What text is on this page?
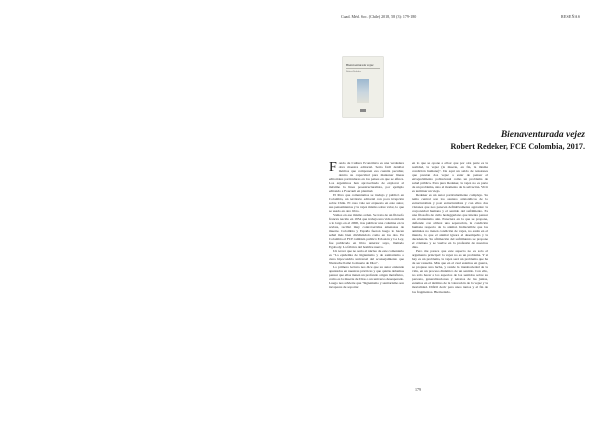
Cuad. Méd. Soc. (Chile) 2018, 58 (3): 179-180	RESEÑAS
Bienaventurada vejez
Robert Redeker
Bienaventurada vejez
Robert Redeker, FCE Colombia, 2017.

Fondo de Cultura Económica es una verdadera obra maestra editorial. Sería fácil detallar méritos que componen esa cuantía peculiar, dentro su capacidad para mantener líneas editoriales particulares en los países en que se afinca. Los argentinos han aprovechado de explorar al máximo la línea posestructuralista, por ejemplo editando a Foucault en plenitud.

El libro que comentamos se tradujo y publicó en Colombia, un territorio editorial con poca irrupción sobre Chile. El caso vale ser expuesto en este autor, sus pensamientos y la vejez mismo sobre valor, lo que se usado en otro libro.

Vamos en ese mismo orden. Se trata de un filósofo francés nacido en 1954 que trabaja una vida noticiada a lo largo en el 2000, tras publicar una columna en la revista, recibió muy controvertidas amenazas de muerte. Colombia y España fueron luego lo hacen señal más bien dividiéndolo como en los dos. En Colombia el FCE también publicó Eclosión y La Ley, fue publicado en libro anterior suyo, llamado Egobody. La fábrica del hombre nuevo.

Un tercer que no sería el núcleo de este comentario es "La epidemia de higienismo y de sanitarismo o cuna hipocondría universal del aconsejamiento que Nietzsche llamó la muerte de Dios".

Lo primero lectura nos dice que su autor entiende apuntados en nuestras prácticas y que quizás debemos pensar que ellas tienen un profundo origen metafísico, como es la muerte de Dios o un universo desesperado. Luego nos advierte que "higienismo y sanitarismo son incapaces de soportar

en lo que se opone a ellos: que por otra parte es la realidad, la vejez (la muerte, en fin, la misma condición humana)". De aquí un saldo de tensiones que prestan dos vejez a estar de pensar el envejecimiento poblacional como un problema de salud pública. Para pura Redeker, la vejez no es parte de un problema, sino el momento de la salvación. Vivir es terminar un viejo.

Redeker es un autor particularmente complejo. Su tema central son los asuntos aristotélicos de lo estructuralista y post estructuralista y con ellos dos visiones que nos parecen definitivamente agotadas: la corporeidad humana y el sentido del sufrimiento. Es una filosofía de cuño hedeggeriano que intenta pensar un cristianismo aún. Pareciera en la que se propone, defiende con altivez una separación, la condición humana respecto de lo animal. Indiscutible que los animales no tienen condición de vejez, no están en el mundo, lo que el animal ignora el desempeño y la decadencia. Su afirmación del sufrimiento se propone el cristiano y se vuelve en la profesión de nuestros días.

Pero me parece que este aspecto no es solo el argumento principal: la vejez no es un problema. Y si hay es un problema, la vejez será un problema que ha de ser resuelta. Más que en el cual estamos en guerra, se propuso una lucha, y reside la transitoriedad de la vida, en un proceso dinámico de un sentido. Con ello, no sólo hacer a los aspectos de los sentidos sobre su persona, generalizaciones y retratos de las juntas, estamos en el término de la valoración de la vejez y la mortalidad. Difícil decir para unos tantos y el fin de los fragmentos. Bienvenido.

179
